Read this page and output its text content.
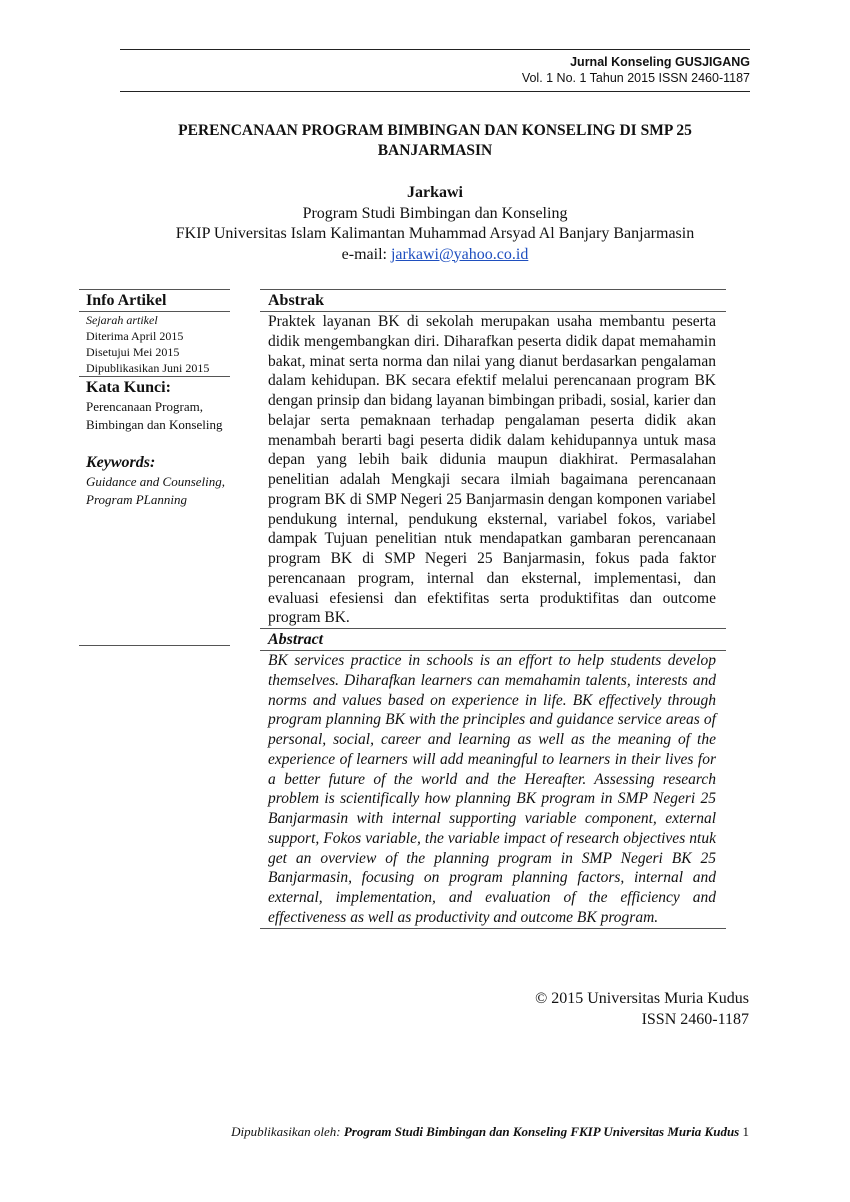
Jurnal Konseling GUSJIGANG
Vol. 1 No. 1 Tahun 2015 ISSN 2460-1187
PERENCANAAN PROGRAM BIMBINGAN DAN KONSELING DI SMP 25 BANJARMASIN
Jarkawi
Program Studi Bimbingan dan Konseling
FKIP Universitas Islam Kalimantan Muhammad Arsyad Al Banjary Banjarmasin
e-mail: jarkawi@yahoo.co.id
Info Artikel
Sejarah artikel
Diterima April 2015
Disetujui Mei 2015
Dipublikasikan Juni 2015
Kata Kunci:
Perencanaan Program, Bimbingan dan Konseling
Keywords:
Guidance and Counseling, Program PLanning
Abstrak

Praktek layanan BK di sekolah merupakan usaha membantu peserta didik mengembangkan diri. Diharafkan peserta didik dapat memahamin bakat, minat serta norma dan nilai yang dianut berdasarkan pengalaman dalam kehidupan. BK secara efektif melalui perencanaan program BK dengan prinsip dan bidang layanan bimbingan pribadi, sosial, karier dan belajar serta pemaknaan terhadap pengalaman peserta didik akan menambah berarti bagi peserta didik dalam kehidupannya untuk masa depan yang lebih baik didunia maupun diakhirat. Permasalahan penelitian adalah Mengkaji secara ilmiah bagaimana perencanaan program BK di SMP Negeri 25 Banjarmasin dengan komponen variabel pendukung internal, pendukung eksternal, variabel fokos, variabel dampak Tujuan penelitian ntuk mendapatkan gambaran perencanaan program BK di SMP Negeri 25 Banjarmasin, fokus pada faktor perencanaan program, internal dan eksternal, implementasi, dan evaluasi efesiensi dan efektifitas serta produktifitas dan outcome program BK.

Abstract

BK services practice in schools is an effort to help students develop themselves. Diharafkan learners can memahamin talents, interests and norms and values based on experience in life. BK effectively through program planning BK with the principles and guidance service areas of personal, social, career and learning as well as the meaning of the experience of learners will add meaningful to learners in their lives for a better future of the world and the Hereafter. Assessing research problem is scientifically how planning BK program in SMP Negeri 25 Banjarmasin with internal supporting variable component, external support, Fokos variable, the variable impact of research objectives ntuk get an overview of the planning program in SMP Negeri BK 25 Banjarmasin, focusing on program planning factors, internal and external, implementation, and evaluation of the efficiency and effectiveness as well as productivity and outcome BK program.

© 2015 Universitas Muria Kudus
ISSN 2460-1187
Dipublikasikan oleh: Program Studi Bimbingan dan Konseling FKIP Universitas Muria Kudus 1
